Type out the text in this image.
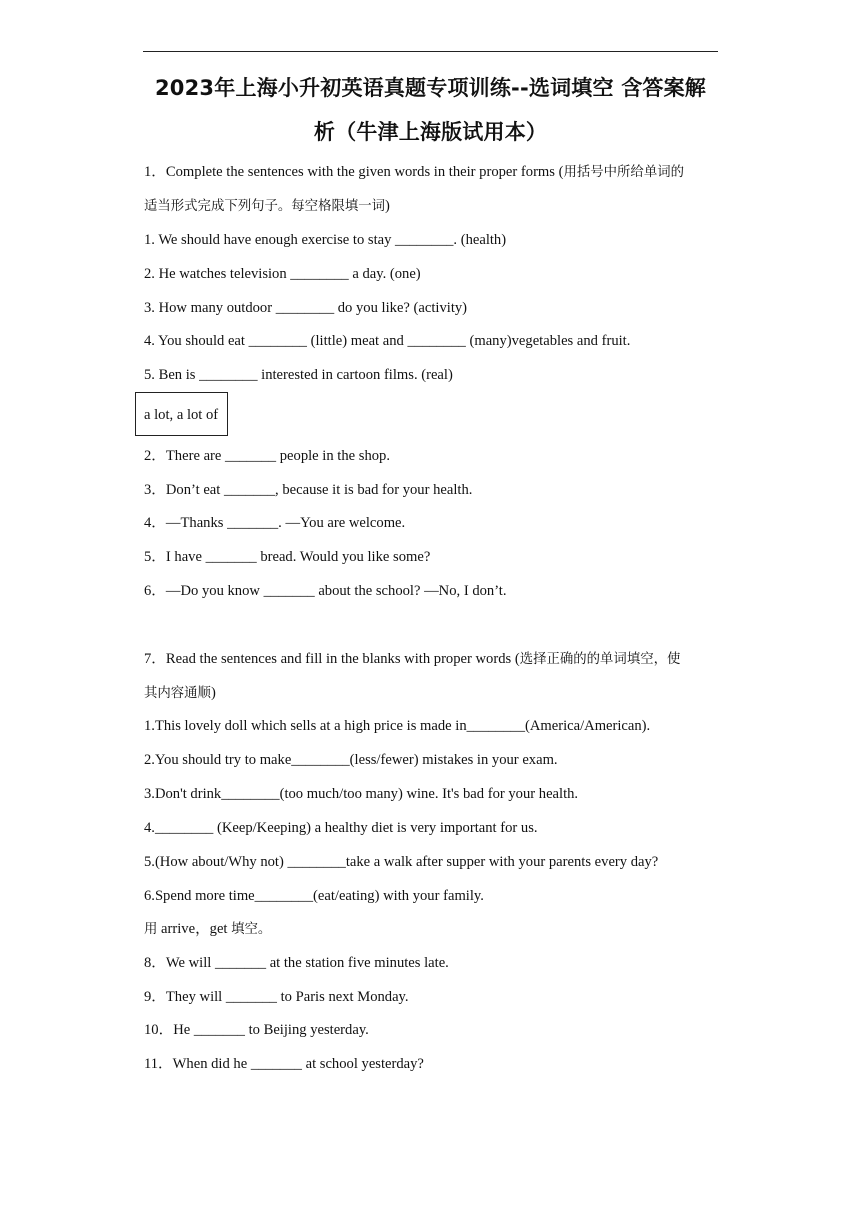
2023年上海小升初英语真题专项训练--选词填空 含答案解
析（牛津上海版试用本）
1．Complete the sentences with the given words in their proper forms (用括号中所给单词的
适当形式完成下列句子。每空格限填一词)
1. We should have enough exercise to stay ________. (health)
2. He watches television ________ a day. (one)
3. How many outdoor ________ do you like? (activity)
4. You should eat ________ (little) meat and ________ (many)vegetables and fruit.
5. Ben is ________ interested in cartoon films. (real)
a lot, a lot of
2．There are _______ people in the shop.
3．Don’t eat _______, because it is bad for your health.
4．—Thanks _______. —You are welcome.
5．I have _______ bread. Would you like some?
6．—Do you know _______ about the school? —No, I don’t.
7．Read the sentences and fill in the blanks with proper words (选择正确的的单词填空，使
其内容通顺)
1.This lovely doll which sells at a high price is made in________(America/American).
2.You should try to make________(less/fewer) mistakes in your exam.
3.Don't drink________(too much/too many) wine. It's bad for your health.
4.________ (Keep/Keeping) a healthy diet is very important for us.
5.(How about/Why not) ________take a walk after supper with your parents every day?
6.Spend more time________(eat/eating) with your family.
用 arrive，get 填空。
8．We will _______ at the station five minutes late.
9．They will _______ to Paris next Monday.
10．He _______ to Beijing yesterday.
11．When did he _______ at school yesterday?
